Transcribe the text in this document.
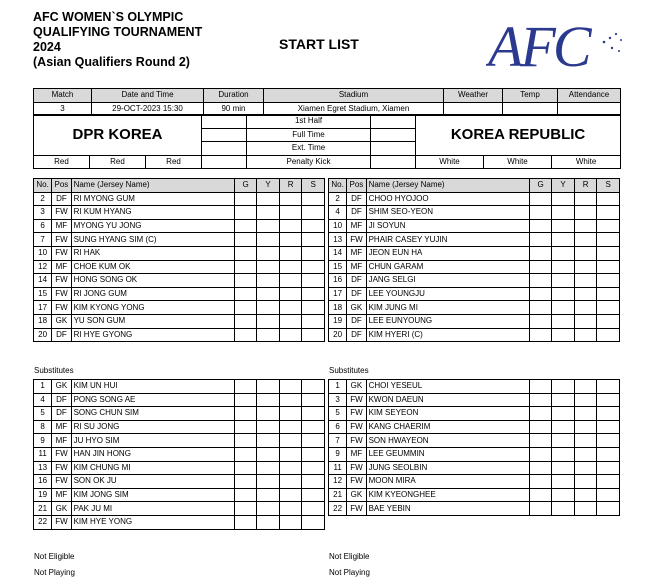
AFC WOMEN`S OLYMPIC
QUALIFYING TOURNAMENT
2024
(Asian Qualifiers Round 2)
START LIST AFC
Match	Date and Time	Duration	Stadium	Weather	Temp	Attendance
3	29-OCT-2023 15:30	90 min	Xiamen Egret Stadium, Xiamen			
DPR KOREA				1st Half		KOREA REPUBLIC		
				Full Time				
				Ext. Time				
Red	Red	Red		Penalty Kick		White	White	White
No.	Pos	Name (Jersey Name)	G	Y	R	S
2	DF	RI MYONG GUM				
3	FW	RI KUM HYANG				
6	MF	MYONG YU JONG				
7	FW	SUNG HYANG SIM (C)				
10	FW	RI HAK				
12	MF	CHOE KUM OK				
14	FW	HONG SONG OK				
15	FW	RI JONG GUM				
17	FW	KIM KYONG YONG				
18	GK	YU SON GUM				
20	DF	RI HYE GYONG				
No.	Pos	Name (Jersey Name)	G	Y	R	S
2	DF	CHOO HYOJOO				
4	DF	SHIM SEO-YEON				
10	MF	JI SOYUN				
13	FW	PHAIR CASEY YUJIN				
14	MF	JEON EUN HA				
15	MF	CHUN GARAM				
16	DF	JANG SELGI				
17	DF	LEE YOUNGJU				
18	GK	KIM JUNG MI				
19	DF	LEE EUNYOUNG				
20	DF	KIM HYERI (C)				
Substitutes	Substitutes
1	GK	KIM UN HUI				
4	DF	PONG SONG AE				
5	DF	SONG CHUN SIM				
8	MF	RI SU JONG				
9	MF	JU HYO SIM				
11	FW	HAN JIN HONG				
13	FW	KIM CHUNG MI				
16	FW	SON OK JU				
19	MF	KIM JONG SIM				
21	GK	PAK JU MI				
22	FW	KIM HYE YONG				
1	GK	CHOI YESEUL				
3	FW	KWON DAEUN				
5	FW	KIM SEYEON				
6	FW	KANG CHAERIM				
7	FW	SON HWAYEON				
9	MF	LEE GEUMMIN				
11	FW	JUNG SEOLBIN				
12	FW	MOON MIRA				
21	GK	KIM KYEONGHEE				
22	FW	BAE YEBIN				
Not Eligible	Not Eligible
Not Playing	Not Playing
